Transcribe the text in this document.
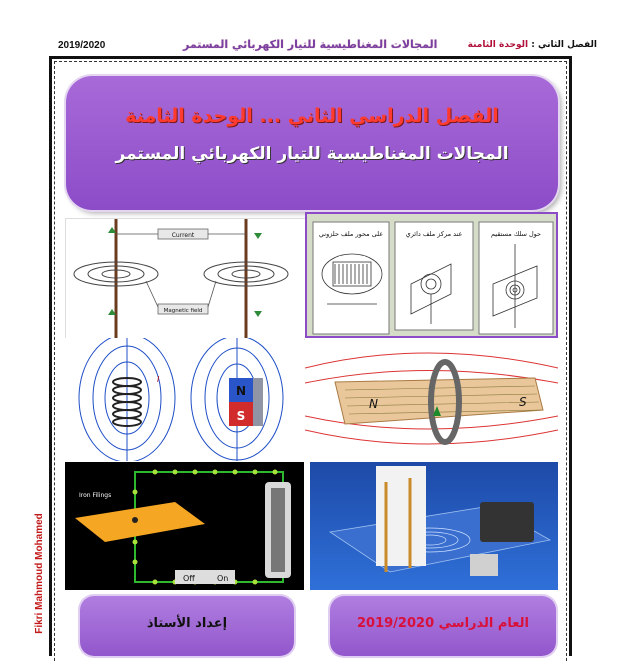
2019/2020	المجالات المغناطيسية للتيار الكهربائي المستمر	الفصل الثاني : الوحدة الثامنة
الفصل الدراسي الثاني ... الوحدة الثامنة
المجالات المغناطيسية للتيار الكهربائي المستمر
Current
Magnetic field
على محور ملف حلزوني	عند مركز ملف دائري	حول سلك مستقيم
I
N
S
N	S
Iron Filings
Off	On
Fikri Mahmoud Mohamed	إعداد الأستاذ	العام الدراسي 2019/2020
